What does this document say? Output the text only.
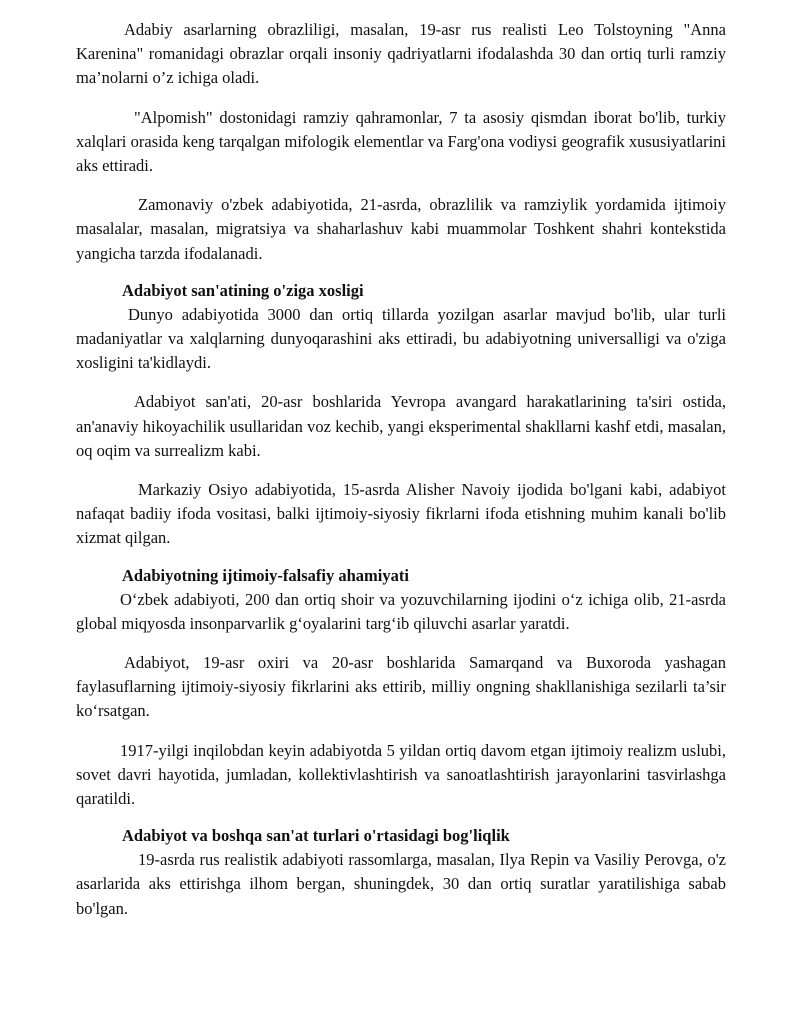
Adabiy asarlarning obrazliligi, masalan, 19-asr rus realisti Leo Tolstoyning "Anna Karenina" romanidagi obrazlar orqali insoniy qadriyatlarni ifodalashda 30 dan ortiq turli ramziy ma’nolarni o’z ichiga oladi.

"Alpomish" dostonidagi ramziy qahramonlar, 7 ta asosiy qismdan iborat bo'lib, turkiy xalqlari orasida keng tarqalgan mifologik elementlar va Farg'ona vodiysi geografik xususiyatlarini aks ettiradi.

Zamonaviy o'zbek adabiyotida, 21-asrda, obrazlilik va ramziylik yordamida ijtimoiy masalalar, masalan, migratsiya va shaharlashuv kabi muammolar Toshkent shahri kontekstida yangicha tarzda ifodalanadi.

Adabiyot san'atining o'ziga xosligi

Dunyo adabiyotida 3000 dan ortiq tillarda yozilgan asarlar mavjud bo'lib, ular turli madaniyatlar va xalqlarning dunyoqarashini aks ettiradi, bu adabiyotning universalligi va o'ziga xosligini ta'kidlaydi.

Adabiyot san'ati, 20-asr boshlarida Yevropa avangard harakatlarining ta'siri ostida, an'anaviy hikoyachilik usullaridan voz kechib, yangi eksperimental shakllarni kashf etdi, masalan, oq oqim va surrealizm kabi.

Markaziy Osiyo adabiyotida, 15-asrda Alisher Navoiy ijodida bo'lgani kabi, adabiyot nafaqat badiiy ifoda vositasi, balki ijtimoiy-siyosiy fikrlarni ifoda etishning muhim kanali bo'lib xizmat qilgan.

Adabiyotning ijtimoiy-falsafiy ahamiyati

O‘zbek adabiyoti, 200 dan ortiq shoir va yozuvchilarning ijodini o‘z ichiga olib, 21-asrda global miqyosda insonparvarlik g‘oyalarini targ‘ib qiluvchi asarlar yaratdi.

Adabiyot, 19-asr oxiri va 20-asr boshlarida Samarqand va Buxoroda yashagan faylasuflarning ijtimoiy-siyosiy fikrlarini aks ettirib, milliy ongning shakllanishiga sezilarli ta’sir ko‘rsatgan.

1917-yilgi inqilobdan keyin adabiyotda 5 yildan ortiq davom etgan ijtimoiy realizm uslubi, sovet davri hayotida, jumladan, kollektivlashtirish va sanoatlashtirish jarayonlarini tasvirlashga qaratildi.

Adabiyot va boshqa san'at turlari o'rtasidagi bog'liqlik

19-asrda rus realistik adabiyoti rassomlarga, masalan, Ilya Repin va Vasiliy Perovga, o'z asarlarida aks ettirishga ilhom bergan, shuningdek, 30 dan ortiq suratlar yaratilishiga sabab bo'lgan.
